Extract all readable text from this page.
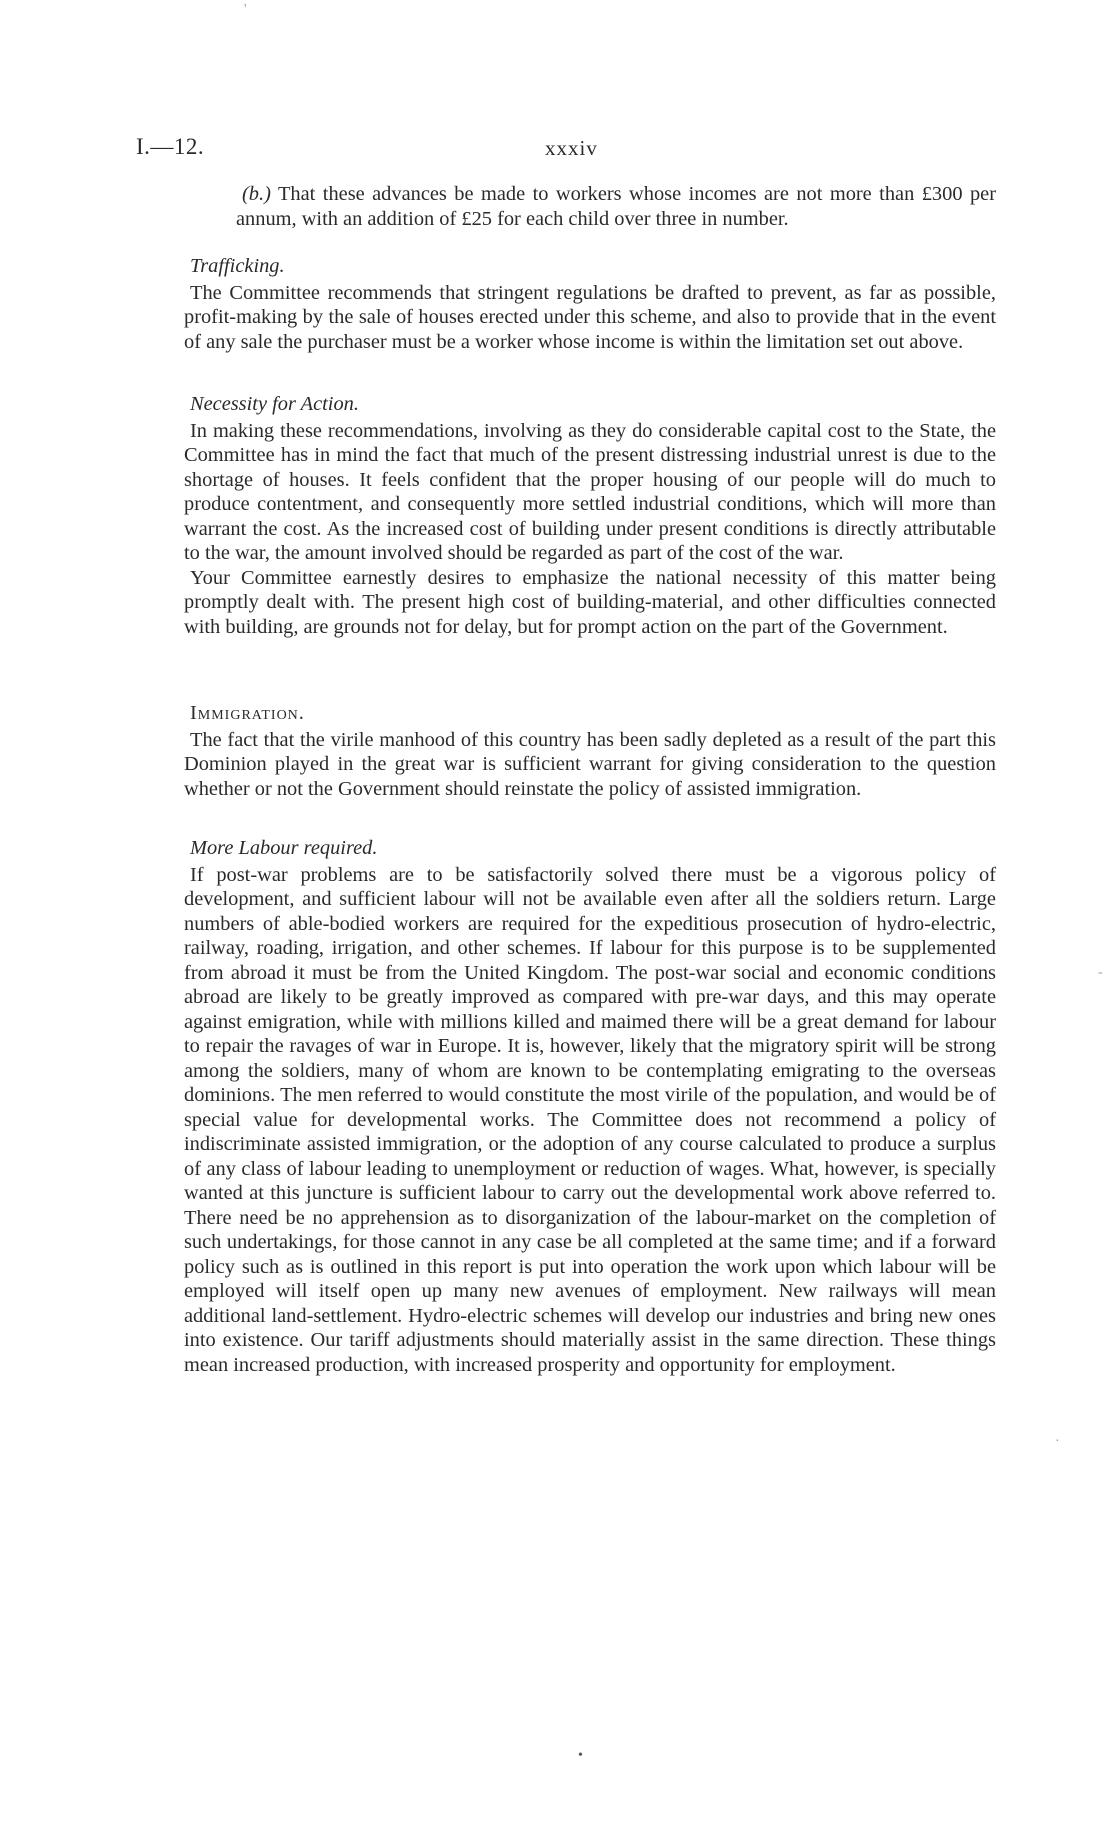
I.—12.	xxxiv

(b.) That these advances be made to workers whose incomes are not more than £300 per annum, with an addition of £25 for each child over three in number.

Trafficking.

The Committee recommends that stringent regulations be drafted to prevent, as far as possible, profit-making by the sale of houses erected under this scheme, and also to provide that in the event of any sale the purchaser must be a worker whose income is within the limitation set out above.

Necessity for Action.

In making these recommendations, involving as they do considerable capital cost to the State, the Committee has in mind the fact that much of the present distressing industrial unrest is due to the shortage of houses. It feels confident that the proper housing of our people will do much to produce contentment, and consequently more settled industrial conditions, which will more than warrant the cost. As the increased cost of building under present conditions is directly attributable to the war, the amount involved should be regarded as part of the cost of the war.

Your Committee earnestly desires to emphasize the national necessity of this matter being promptly dealt with. The present high cost of building-material, and other difficulties connected with building, are grounds not for delay, but for prompt action on the part of the Government.

Immigration.

The fact that the virile manhood of this country has been sadly depleted as a result of the part this Dominion played in the great war is sufficient warrant for giving consideration to the question whether or not the Government should reinstate the policy of assisted immigration.

More Labour required.

If post-war problems are to be satisfactorily solved there must be a vigorous policy of development, and sufficient labour will not be available even after all the soldiers return. Large numbers of able-bodied workers are required for the expeditious prosecution of hydro-electric, railway, roading, irrigation, and other schemes. If labour for this purpose is to be supplemented from abroad it must be from the United Kingdom. The post-war social and economic conditions abroad are likely to be greatly improved as compared with pre-war days, and this may operate against emigration, while with millions killed and maimed there will be a great demand for labour to repair the ravages of war in Europe. It is, however, likely that the migratory spirit will be strong among the soldiers, many of whom are known to be contemplating emigrating to the overseas dominions. The men referred to would constitute the most virile of the population, and would be of special value for developmental works. The Committee does not recommend a policy of indiscriminate assisted immigration, or the adoption of any course calculated to produce a surplus of any class of labour leading to unemployment or reduction of wages. What, however, is specially wanted at this juncture is sufficient labour to carry out the developmental work above referred to. There need be no apprehension as to disorganization of the labour-market on the completion of such undertakings, for those cannot in any case be all completed at the same time; and if a forward policy such as is outlined in this report is put into operation the work upon which labour will be employed will itself open up many new avenues of employment. New railways will mean additional land-settlement. Hydro-electric schemes will develop our industries and bring new ones into existence. Our tariff adjustments should materially assist in the same direction. These things mean increased production, with increased prosperity and opportunity for employment.

'
-
·
•
